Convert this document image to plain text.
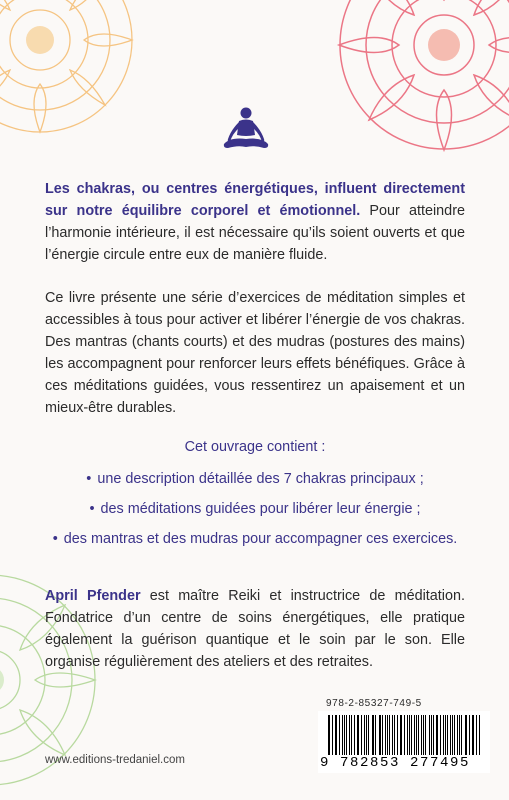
Les chakras, ou centres énergétiques, influent directement sur notre équilibre corporel et émotionnel. Pour atteindre l’harmonie intérieure, il est nécessaire qu’ils soient ouverts et que l’énergie circule entre eux de manière fluide.

Ce livre présente une série d’exercices de méditation simples et accessibles à tous pour activer et libérer l’énergie de vos chakras. Des mantras (chants courts) et des mudras (postures des mains) les accompagnent pour renforcer leurs effets bénéfiques. Grâce à ces méditations guidées, vous ressentirez un apaisement et un mieux-être durables.

Cet ouvrage contient :

• une description détaillée des 7 chakras principaux ;
• des méditations guidées pour libérer leur énergie ;
• des mantras et des mudras pour accompagner ces exercices.

April Pfender est maître Reiki et instructrice de méditation. Fondatrice d’un centre de soins énergétiques, elle pratique également la guérison quantique et le soin par le son. Elle organise régulièrement des ateliers et des retraites.

978-2-85327-749-5
9 782853 277495
www.editions-tredaniel.com
